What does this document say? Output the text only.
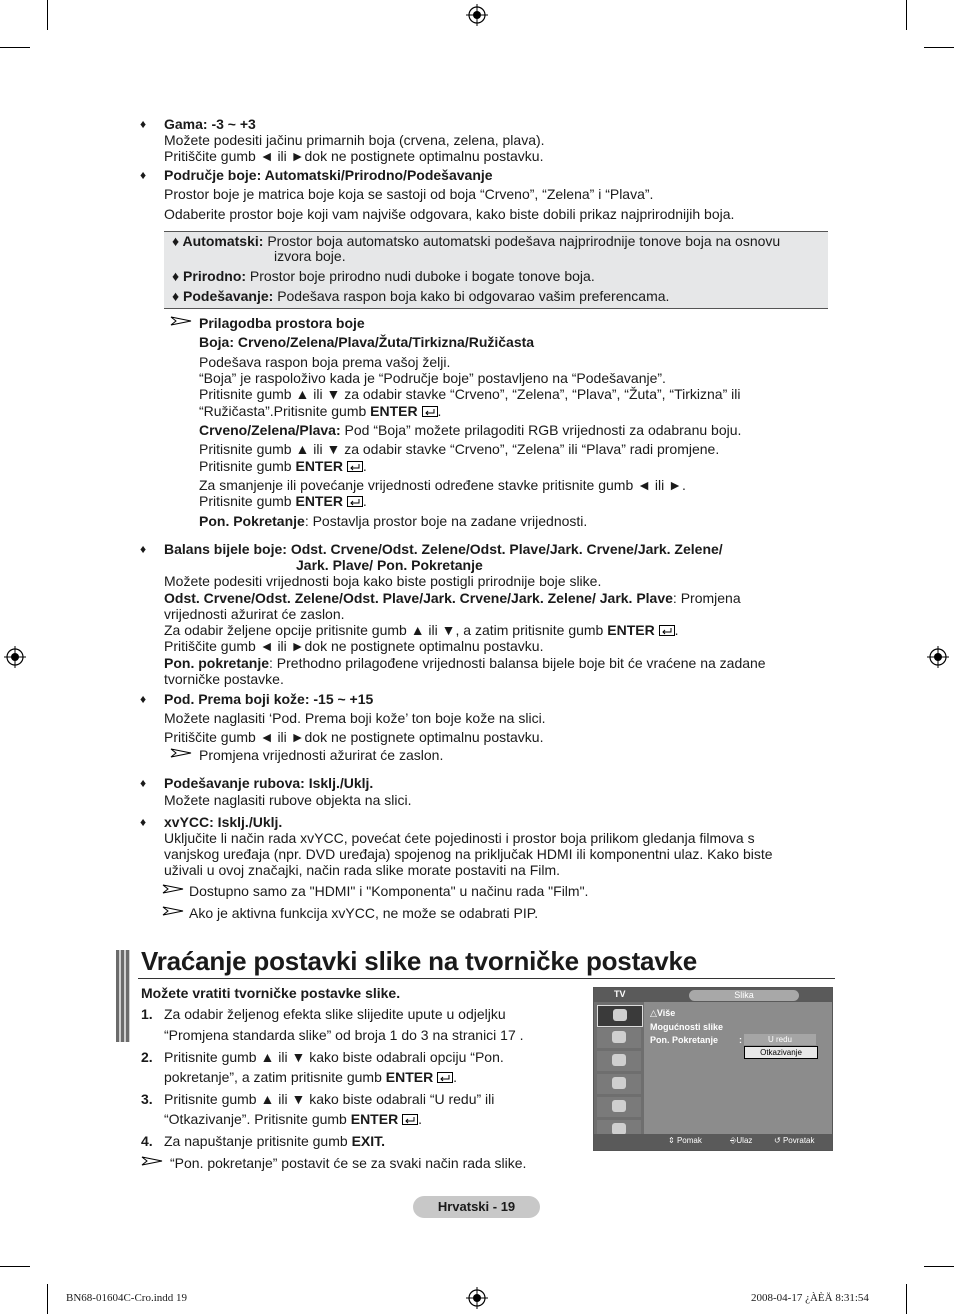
♦ Gama: -3 ~ +3
Možete podesiti jačinu primarnih boja (crvena, zelena, plava).
Pritiščite gumb ◄ ili ►dok ne postignete optimalnu postavku.
♦ Područje boje: Automatski/Prirodno/Podešavanje
Prostor boje je matrica boje koja se sastoji od boja “Crveno”, “Zelena” i “Plava”.
Odaberite prostor boje koji vam najviše odgovara, kako biste dobili prikaz najprirodnijih boja.
♦ Automatski: Prostor boja automatsko automatski podešava najprirodnije tonove boja na osnovu
izvora boje.
♦ Prirodno: Prostor boje prirodno nudi duboke i bogate tonove boja.
♦ Podešavanje: Podešava raspon boja kako bi odgovarao vašim preferencama.
Prilagodba prostora boje
Boja: Crveno/Zelena/Plava/Žuta/Tirkizna/Ružičasta
Podešava raspon boja prema vašoj želji.
“Boja” je raspoloživo kada je “Područje boje” postavljeno na “Podešavanje”.
Pritisnite gumb ▲ ili ▼ za odabir stavke “Crveno”, “Zelena”, “Plava”, “Žuta”, “Tirkizna” ili
“Ružičasta”.Pritisnite gumb ENTER .
Crveno/Zelena/Plava: Pod “Boja” možete prilagoditi RGB vrijednosti za odabranu boju.
Pritisnite gumb ▲ ili ▼ za odabir stavke “Crveno”, “Zelena” ili “Plava” radi promjene.
Pritisnite gumb ENTER .
Za smanjenje ili povećanje vrijednosti određene stavke pritisnite gumb ◄ ili ►.
Pritisnite gumb ENTER .
Pon. Pokretanje: Postavlja prostor boje na zadane vrijednosti.
♦ Balans bijele boje: Odst. Crvene/Odst. Zelene/Odst. Plave/Jark. Crvene/Jark. Zelene/
Jark. Plave/ Pon. Pokretanje
Možete podesiti vrijednosti boja kako biste postigli prirodnije boje slike.
Odst. Crvene/Odst. Zelene/Odst. Plave/Jark. Crvene/Jark. Zelene/ Jark. Plave: Promjena
vrijednosti ažurirat će zaslon.
Za odabir željene opcije pritisnite gumb ▲ ili ▼, a zatim pritisnite gumb ENTER .
Pritiščite gumb ◄ ili ►dok ne postignete optimalnu postavku.
Pon. pokretanje: Prethodno prilagođene vrijednosti balansa bijele boje bit će vraćene na zadane
tvorničke postavke.
♦ Pod. Prema boji kože: -15 ~ +15
Možete naglasiti ‘Pod. Prema boji kože’ ton boje kože na slici.
Pritiščite gumb ◄ ili ►dok ne postignete optimalnu postavku.
Promjena vrijednosti ažurirat će zaslon.
♦ Podešavanje rubova: Isklj./Uklj.
Možete naglasiti rubove objekta na slici.
♦ xvYCC: Isklj./Uklj.
Uključite li način rada xvYCC, povećat ćete pojedinosti i prostor boja prilikom gledanja filmova s
vanjskog uređaja (npr. DVD uređaja) spojenog na priključak HDMI ili komponentni ulaz. Kako biste
uživali u ovoj značajki, način rada slike morate postaviti na Film.
Dostupno samo za "HDMI" i "Komponenta" u načinu rada "Film".
Ako je aktivna funkcija xvYCC, ne može se odabrati PIP.
Vraćanje postavki slike na tvorničke postavke
Možete vratiti tvorničke postavke slike.
1. Za odabir željenog efekta slike slijedite upute u odjeljku
“Promjena standarda slike” od broja 1 do 3 na stranici 17 .
2. Pritisnite gumb ▲ ili ▼ kako biste odabrali opciju “Pon.
pokretanje”, a zatim pritisnite gumb ENTER .
3. Pritisnite gumb ▲ ili ▼ kako biste odabrali “U redu” ili
“Otkazivanje”. Pritisnite gumb ENTER .
4. Za napuštanje pritisnite gumb EXIT.
“Pon. pokretanje” postavit će se za svaki način rada slike.
TV	Slika
△Više
Mogućnosti slike
Pon. Pokretanje :	U redu
Otkazivanje
⇕ Pomak	⎆Ulaz	↺ Povratak
Hrvatski - 19
BN68-01604C-Cro.indd 19	2008-04-17 ¿ÀÈÄ 8:31:54
